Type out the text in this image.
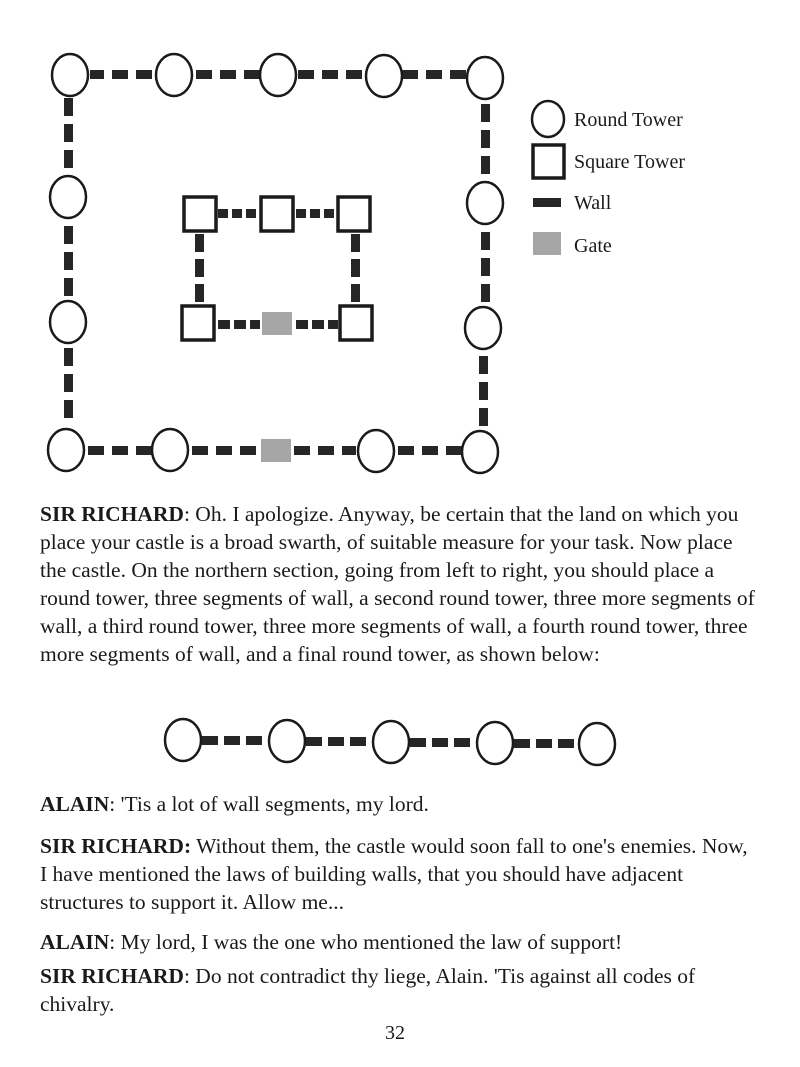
Round Tower
Square Tower
Wall
Gate

SIR RICHARD: Oh. I apologize. Anyway, be certain that the land on which you place your castle is a broad swarth, of suitable measure for your task. Now place the castle. On the northern section, going from left to right, you should place a round tower, three segments of wall, a second round tower, three more segments of wall, a third round tower, three more segments of wall, a fourth round tower, three more segments of wall, and a final round tower, as shown below:

ALAIN: 'Tis a lot of wall segments, my lord.

SIR RICHARD: Without them, the castle would soon fall to one's enemies. Now, I have mentioned the laws of building walls, that you should have adjacent structures to support it. Allow me...

ALAIN: My lord, I was the one who mentioned the law of support!

SIR RICHARD: Do not contradict thy liege, Alain. 'Tis against all codes of chivalry.

32
